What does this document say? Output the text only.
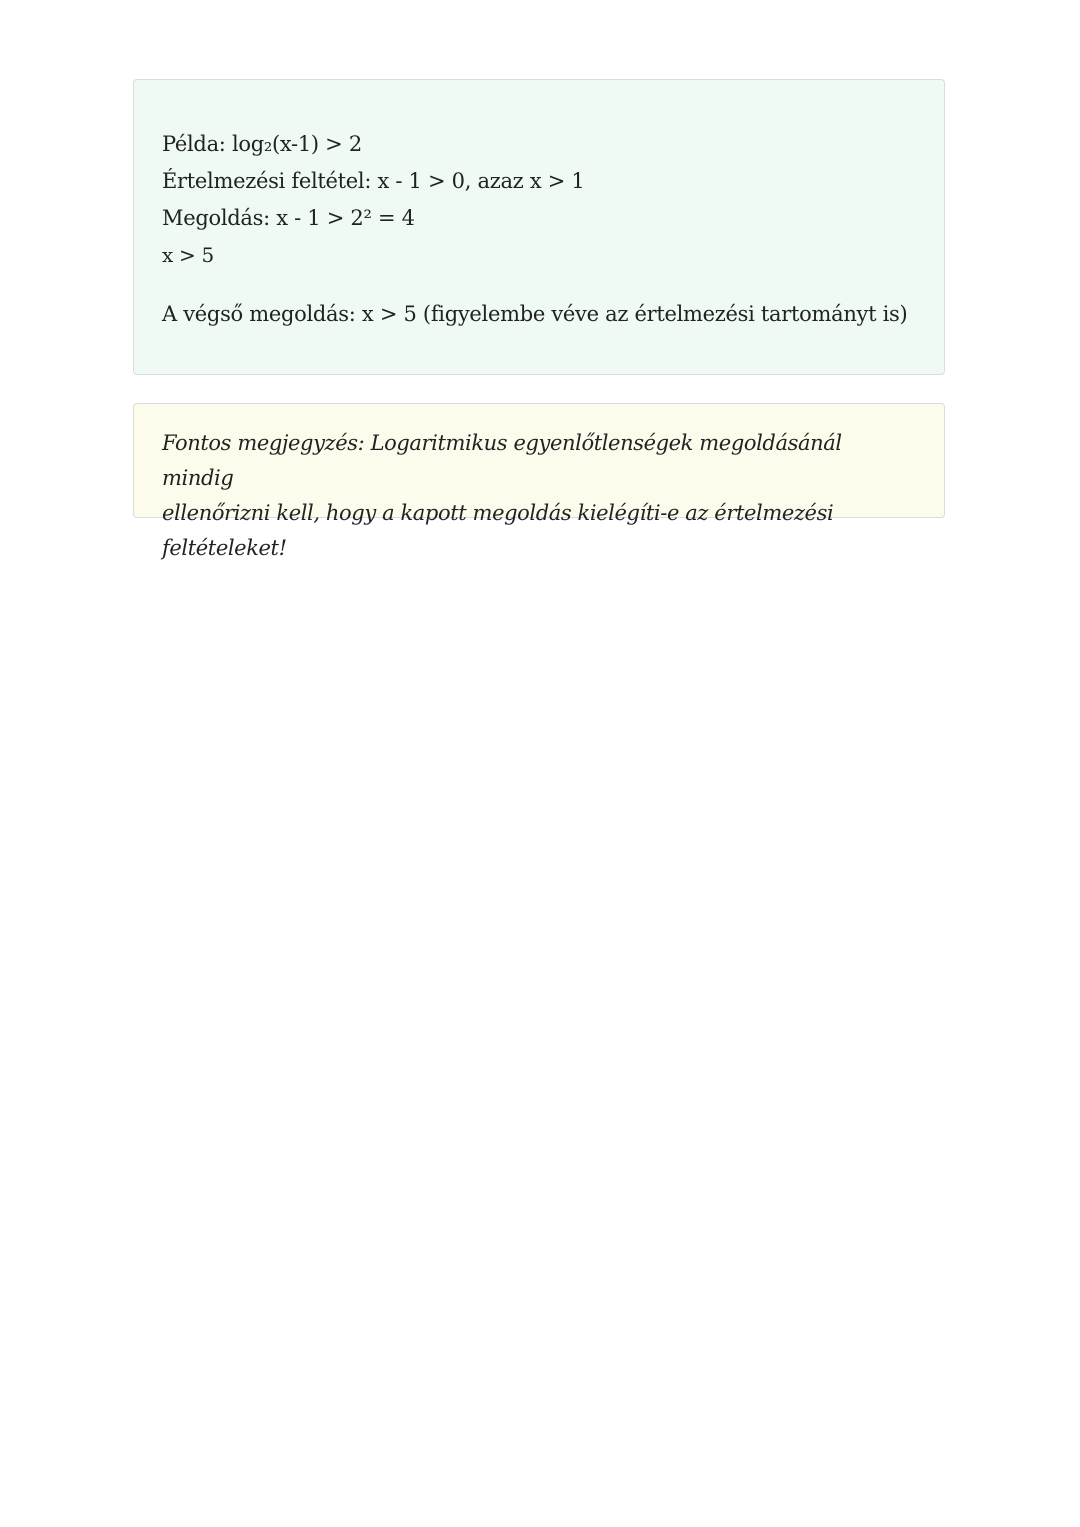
Példa: log₂(x-1) > 2
Értelmezési feltétel: x - 1 > 0, azaz x > 1
Megoldás: x - 1 > 2² = 4
x > 5
A végső megoldás: x > 5 (figyelembe véve az értelmezési tartományt is)
Fontos megjegyzés: Logaritmikus egyenlőtlenségek megoldásánál mindig
ellenőrizni kell, hogy a kapott megoldás kielégíti-e az értelmezési feltételeket!
